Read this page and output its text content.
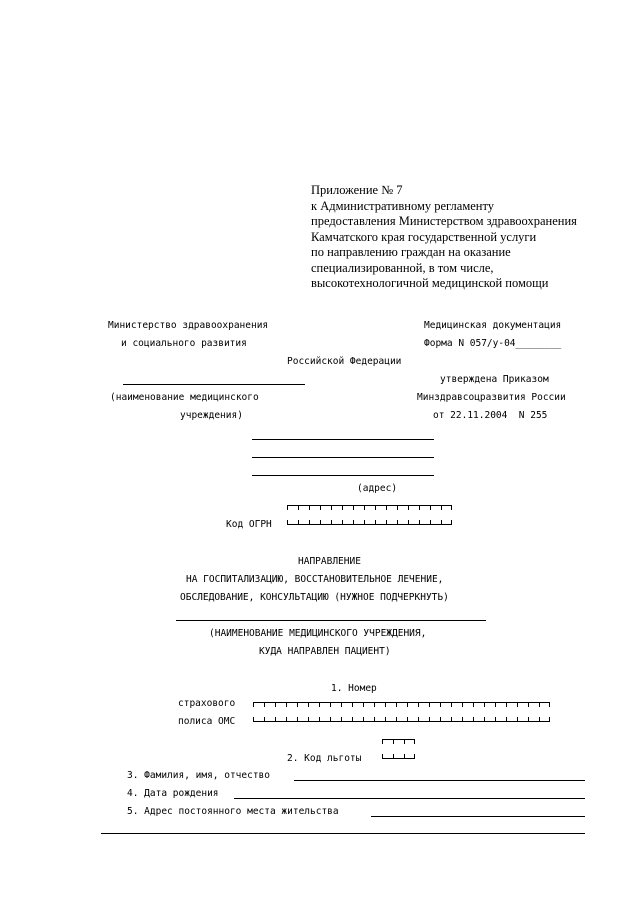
Приложение № 7
к Административному регламенту
предоставления Министерством здравоохранения
Камчатского края государственной услуги
по направлению граждан на оказание
специализированной, в том числе,
высокотехнологичной медицинской помощи
Министерство здравоохранения
и социального развития
Российской Федерации
Медицинская документация
Форма N 057/у-04________
(наименование медицинского
учреждения)
утверждена Приказом
Минздравсоцразвития России
от 22.11.2004  N 255
(адрес)
Код ОГРН
НАПРАВЛЕНИЕ
НА ГОСПИТАЛИЗАЦИЮ, ВОССТАНОВИТЕЛЬНОЕ ЛЕЧЕНИЕ,
ОБСЛЕДОВАНИЕ, КОНСУЛЬТАЦИЮ (НУЖНОЕ ПОДЧЕРКНУТЬ)
(НАИМЕНОВАНИЕ МЕДИЦИНСКОГО УЧРЕЖДЕНИЯ,
КУДА НАПРАВЛЕН ПАЦИЕНТ)
1. Номер
страхового
полиса ОМС
2. Код льготы
3. Фамилия, имя, отчество
4. Дата рождения
5. Адрес постоянного места жительства
